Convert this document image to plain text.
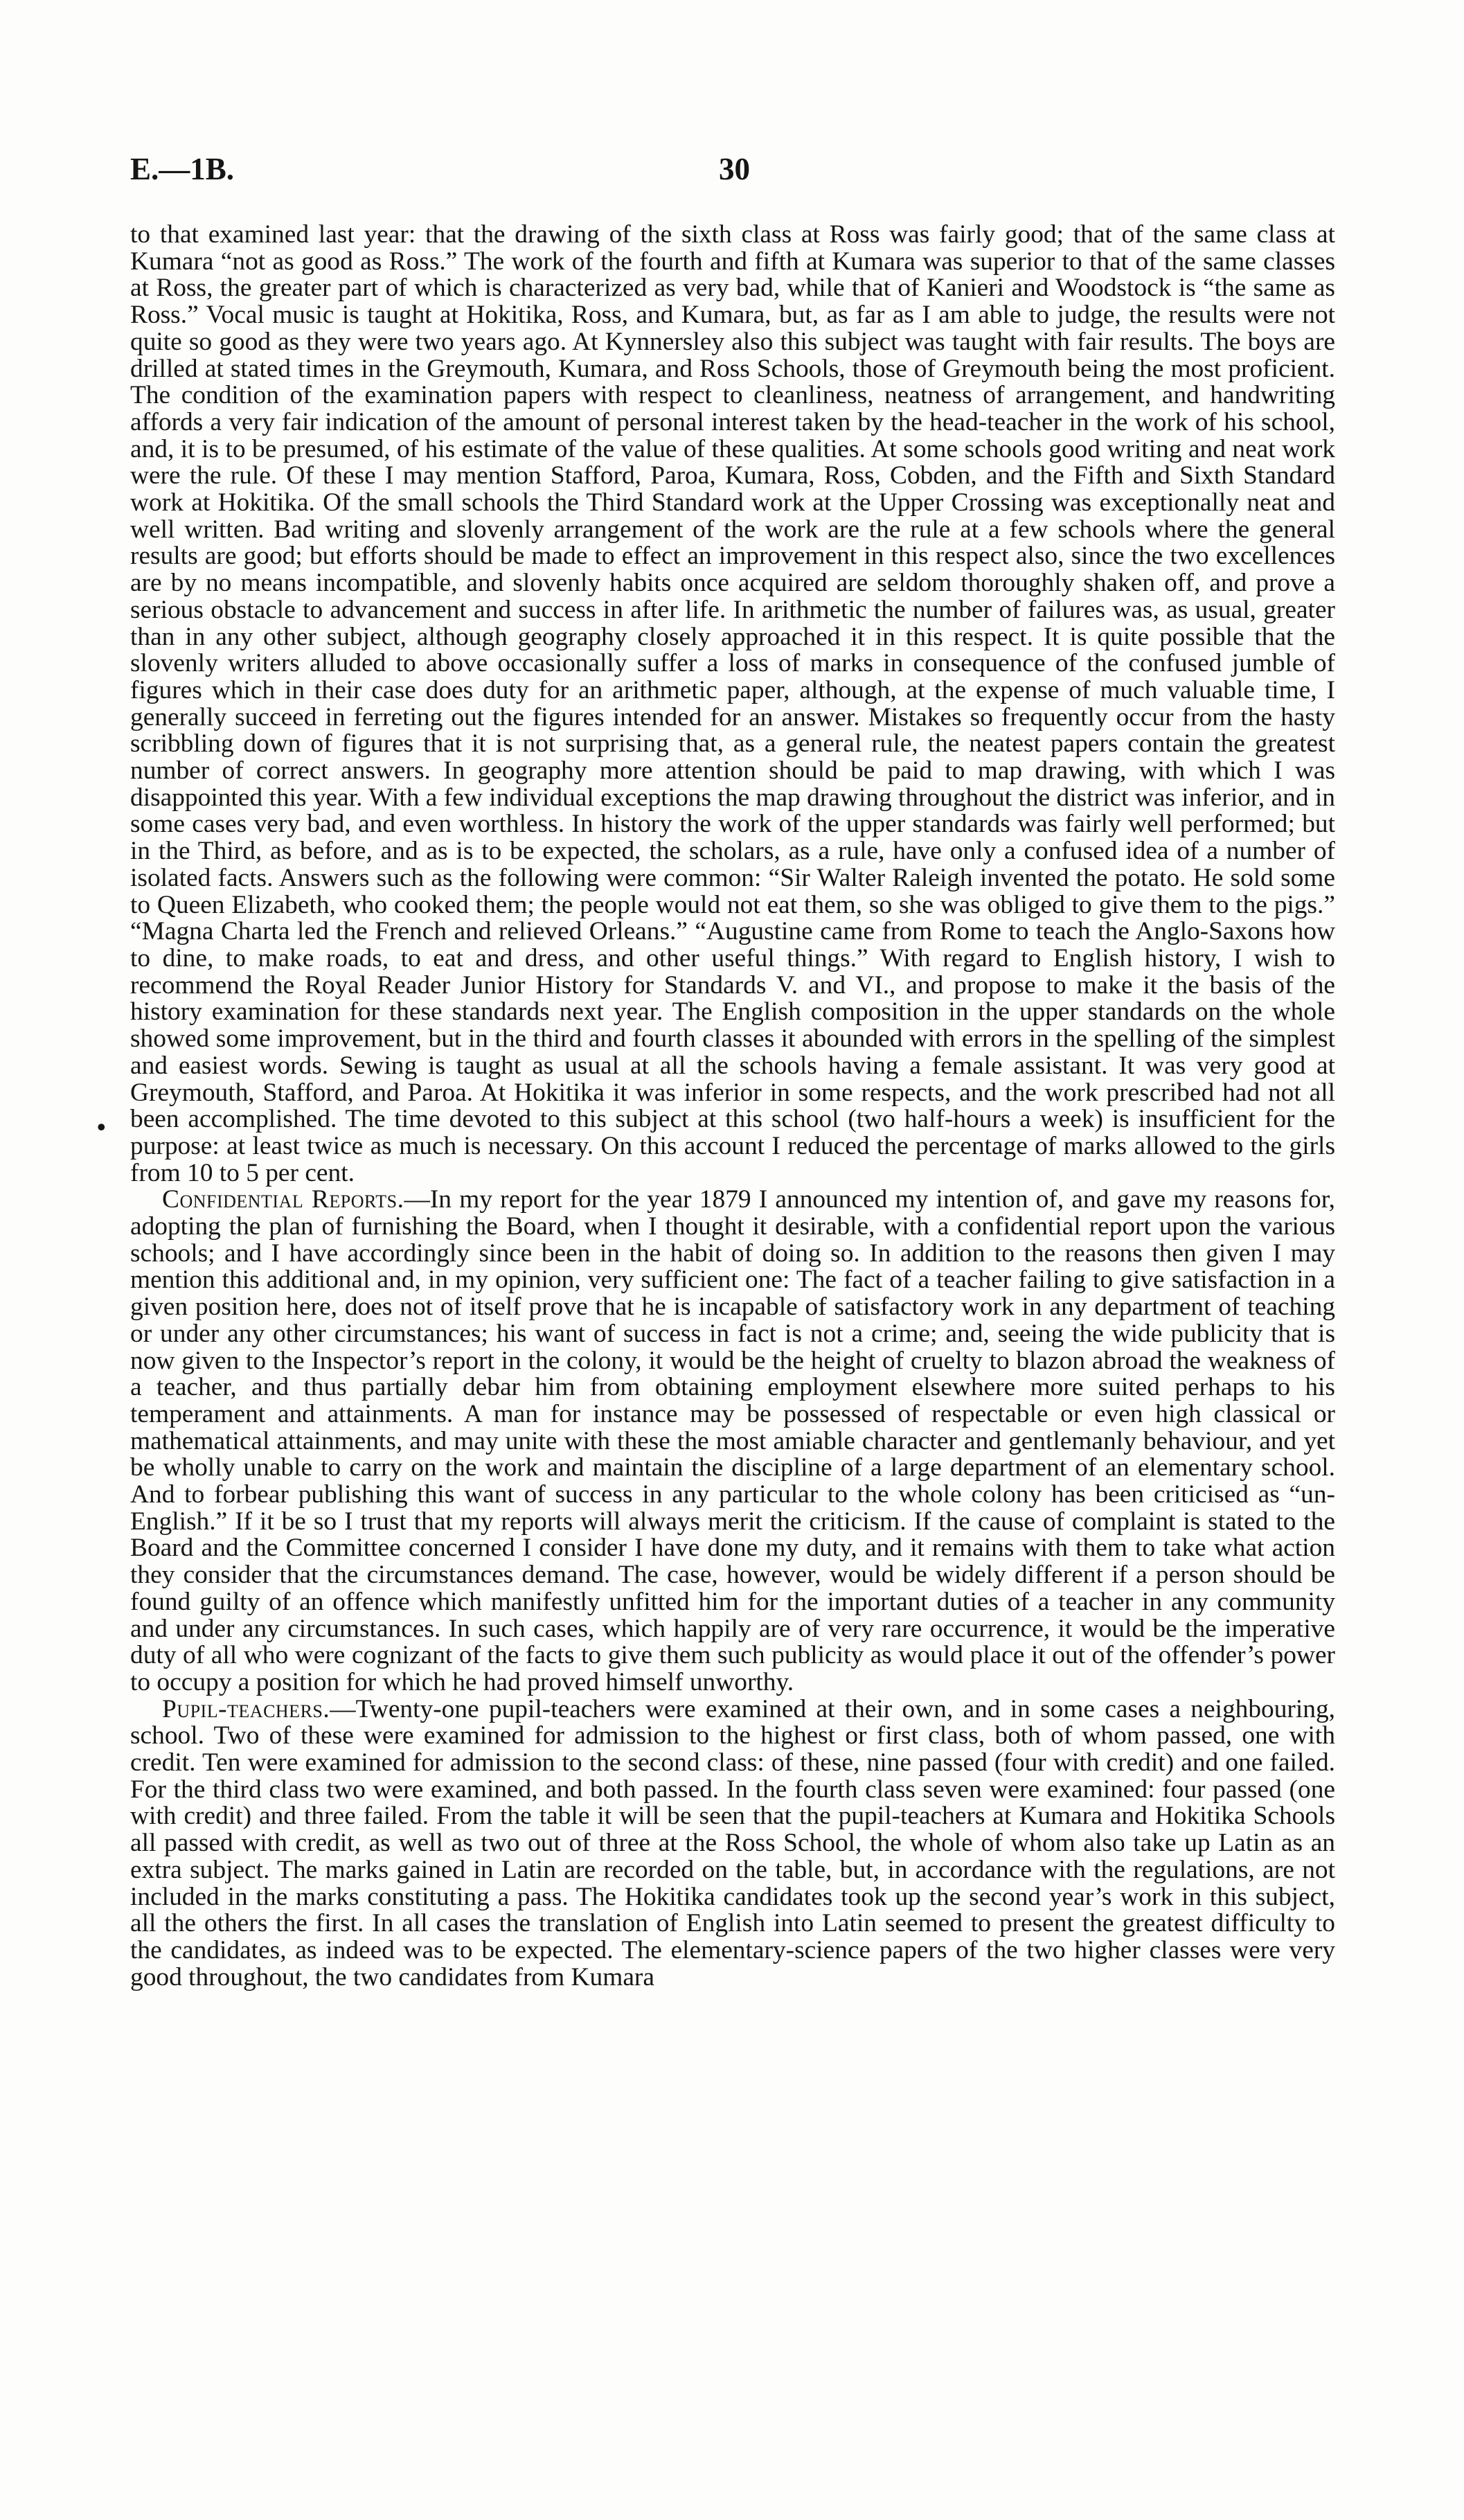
E.—1B.	30
•

to that examined last year: that the drawing of the sixth class at Ross was fairly good; that of the same class at Kumara “not as good as Ross.” The work of the fourth and fifth at Kumara was superior to that of the same classes at Ross, the greater part of which is characterized as very bad, while that of Kanieri and Woodstock is “the same as Ross.” Vocal music is taught at Hokitika, Ross, and Kumara, but, as far as I am able to judge, the results were not quite so good as they were two years ago. At Kynnersley also this subject was taught with fair results. The boys are drilled at stated times in the Greymouth, Kumara, and Ross Schools, those of Greymouth being the most proficient. The condition of the examination papers with respect to cleanliness, neatness of arrangement, and handwriting affords a very fair indication of the amount of personal interest taken by the head-teacher in the work of his school, and, it is to be presumed, of his estimate of the value of these qualities. At some schools good writing and neat work were the rule. Of these I may mention Stafford, Paroa, Kumara, Ross, Cobden, and the Fifth and Sixth Standard work at Hokitika. Of the small schools the Third Standard work at the Upper Crossing was exceptionally neat and well written. Bad writing and slovenly arrangement of the work are the rule at a few schools where the general results are good; but efforts should be made to effect an improvement in this respect also, since the two excellences are by no means incompatible, and slovenly habits once acquired are seldom thoroughly shaken off, and prove a serious obstacle to advancement and success in after life. In arithmetic the number of failures was, as usual, greater than in any other subject, although geography closely approached it in this respect. It is quite possible that the slovenly writers alluded to above occasionally suffer a loss of marks in consequence of the confused jumble of figures which in their case does duty for an arithmetic paper, although, at the expense of much valuable time, I generally succeed in ferreting out the figures intended for an answer. Mistakes so frequently occur from the hasty scribbling down of figures that it is not surprising that, as a general rule, the neatest papers contain the greatest number of correct answers. In geography more attention should be paid to map drawing, with which I was disappointed this year. With a few individual exceptions the map drawing throughout the district was inferior, and in some cases very bad, and even worthless. In history the work of the upper standards was fairly well performed; but in the Third, as before, and as is to be expected, the scholars, as a rule, have only a confused idea of a number of isolated facts. Answers such as the following were common: “Sir Walter Raleigh invented the potato. He sold some to Queen Elizabeth, who cooked them; the people would not eat them, so she was obliged to give them to the pigs.” “Magna Charta led the French and relieved Orleans.” “Augustine came from Rome to teach the Anglo-Saxons how to dine, to make roads, to eat and dress, and other useful things.” With regard to English history, I wish to recommend the Royal Reader Junior History for Standards V. and VI., and propose to make it the basis of the history examination for these standards next year. The English composition in the upper standards on the whole showed some improvement, but in the third and fourth classes it abounded with errors in the spelling of the simplest and easiest words. Sewing is taught as usual at all the schools having a female assistant. It was very good at Greymouth, Stafford, and Paroa. At Hokitika it was inferior in some respects, and the work prescribed had not all been accomplished. The time devoted to this subject at this school (two half-hours a week) is insufficient for the purpose: at least twice as much is necessary. On this account I reduced the percentage of marks allowed to the girls from 10 to 5 per cent.

Confidential Reports.—In my report for the year 1879 I announced my intention of, and gave my reasons for, adopting the plan of furnishing the Board, when I thought it desirable, with a confidential report upon the various schools; and I have accordingly since been in the habit of doing so. In addition to the reasons then given I may mention this additional and, in my opinion, very sufficient one: The fact of a teacher failing to give satisfaction in a given position here, does not of itself prove that he is incapable of satisfactory work in any department of teaching or under any other circumstances; his want of success in fact is not a crime; and, seeing the wide publicity that is now given to the Inspector’s report in the colony, it would be the height of cruelty to blazon abroad the weakness of a teacher, and thus partially debar him from obtaining employment elsewhere more suited perhaps to his temperament and attainments. A man for instance may be possessed of respectable or even high classical or mathematical attainments, and may unite with these the most amiable character and gentlemanly behaviour, and yet be wholly unable to carry on the work and maintain the discipline of a large department of an elementary school. And to forbear publishing this want of success in any particular to the whole colony has been criticised as “un-English.” If it be so I trust that my reports will always merit the criticism. If the cause of complaint is stated to the Board and the Committee concerned I consider I have done my duty, and it remains with them to take what action they consider that the circumstances demand. The case, however, would be widely different if a person should be found guilty of an offence which manifestly unfitted him for the important duties of a teacher in any community and under any circumstances. In such cases, which happily are of very rare occurrence, it would be the imperative duty of all who were cognizant of the facts to give them such publicity as would place it out of the offender’s power to occupy a position for which he had proved himself unworthy.

Pupil-teachers.—Twenty-one pupil-teachers were examined at their own, and in some cases a neighbouring, school. Two of these were examined for admission to the highest or first class, both of whom passed, one with credit. Ten were examined for admission to the second class: of these, nine passed (four with credit) and one failed. For the third class two were examined, and both passed. In the fourth class seven were examined: four passed (one with credit) and three failed. From the table it will be seen that the pupil-teachers at Kumara and Hokitika Schools all passed with credit, as well as two out of three at the Ross School, the whole of whom also take up Latin as an extra subject. The marks gained in Latin are recorded on the table, but, in accordance with the regulations, are not included in the marks constituting a pass. The Hokitika candidates took up the second year’s work in this subject, all the others the first. In all cases the translation of English into Latin seemed to present the greatest difficulty to the candidates, as indeed was to be expected. The elementary-science papers of the two higher classes were very good throughout, the two candidates from Kumara
